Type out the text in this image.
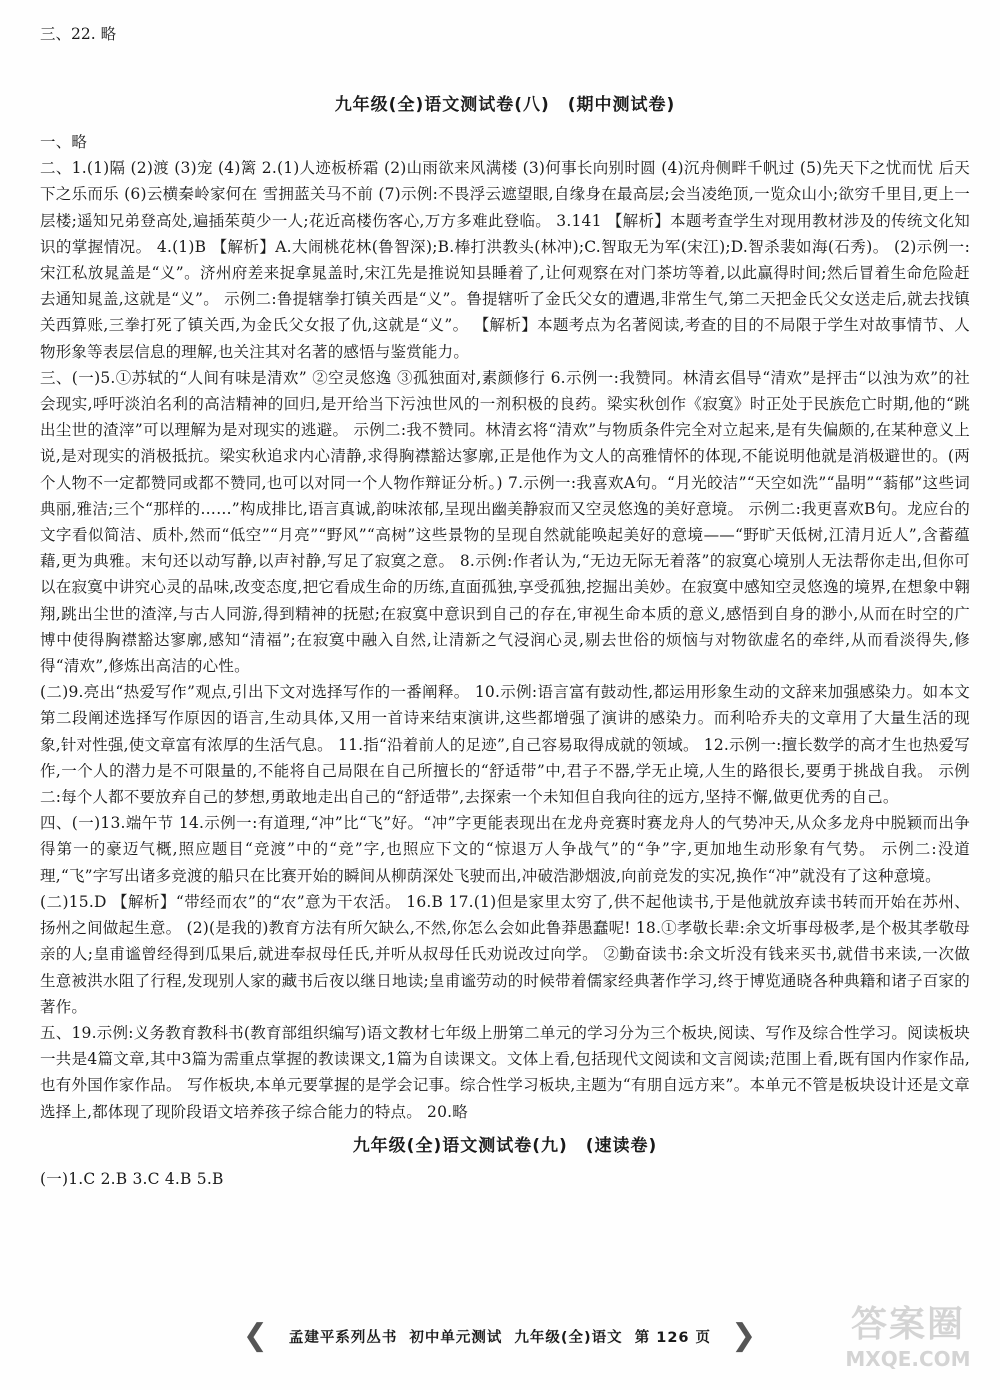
三、22. 略
九年级(全)语文测试卷(八) (期中测试卷)

一、略

二、1.(1)隔 (2)渡 (3)宠 (4)篱 2.(1)人迹板桥霜 (2)山雨欲来风满楼 (3)何事长向别时圆 (4)沉舟侧畔千帆过 (5)先天下之忧而忧 后天下之乐而乐 (6)云横秦岭家何在 雪拥蓝关马不前 (7)示例:不畏浮云遮望眼,自缘身在最高层;会当凌绝顶,一览众山小;欲穷千里目,更上一层楼;遥知兄弟登高处,遍插茱萸少一人;花近高楼伤客心,万方多难此登临。 3.141 【解析】本题考查学生对现用教材涉及的传统文化知识的掌握情况。 4.(1)B 【解析】A.大闹桃花林(鲁智深);B.棒打洪教头(林冲);C.智取无为军(宋江);D.智杀裴如海(石秀)。 (2)示例一:宋江私放晁盖是“义”。济州府差来捉拿晁盖时,宋江先是推说知县睡着了,让何观察在对门茶坊等着,以此赢得时间;然后冒着生命危险赶去通知晁盖,这就是“义”。 示例二:鲁提辖拳打镇关西是“义”。鲁提辖听了金氏父女的遭遇,非常生气,第二天把金氏父女送走后,就去找镇关西算账,三拳打死了镇关西,为金氏父女报了仇,这就是“义”。 【解析】本题考点为名著阅读,考查的目的不局限于学生对故事情节、人物形象等表层信息的理解,也关注其对名著的感悟与鉴赏能力。

三、(一)5.①苏轼的“人间有味是清欢” ②空灵悠逸 ③孤独面对,素颜修行 6.示例一:我赞同。林清玄倡导“清欢”是抨击“以浊为欢”的社会现实,呼吁淡泊名利的高洁精神的回归,是开给当下污浊世风的一剂积极的良药。梁实秋创作《寂寞》时正处于民族危亡时期,他的“跳出尘世的渣滓”可以理解为是对现实的逃避。 示例二:我不赞同。林清玄将“清欢”与物质条件完全对立起来,是有失偏颇的,在某种意义上说,是对现实的消极抵抗。梁实秋追求内心清静,求得胸襟豁达寥廓,正是他作为文人的高雅情怀的体现,不能说明他就是消极避世的。(两个人物不一定都赞同或都不赞同,也可以对同一个人物作辩证分析。) 7.示例一:我喜欢A句。“月光皎洁”“天空如洗”“晶明”“蓊郁”这些词典丽,雅洁;三个“那样的……”构成排比,语言真诚,韵味浓郁,呈现出幽美静寂而又空灵悠逸的美好意境。 示例二:我更喜欢B句。龙应台的文字看似简洁、质朴,然而“低空”“月亮”“野风”“高树”这些景物的呈现自然就能唤起美好的意境——“野旷天低树,江清月近人”,含蓄蕴藉,更为典雅。末句还以动写静,以声衬静,写足了寂寞之意。 8.示例:作者认为,“无边无际无着落”的寂寞心境别人无法帮你走出,但你可以在寂寞中讲究心灵的品味,改变态度,把它看成生命的历练,直面孤独,享受孤独,挖掘出美妙。在寂寞中感知空灵悠逸的境界,在想象中翱翔,跳出尘世的渣滓,与古人同游,得到精神的抚慰;在寂寞中意识到自己的存在,审视生命本质的意义,感悟到自身的渺小,从而在时空的广博中使得胸襟豁达寥廓,感知“清福”;在寂寞中融入自然,让清新之气浸润心灵,剔去世俗的烦恼与对物欲虚名的牵绊,从而看淡得失,修得“清欢”,修炼出高洁的心性。

(二)9.亮出“热爱写作”观点,引出下文对选择写作的一番阐释。 10.示例:语言富有鼓动性,都运用形象生动的文辞来加强感染力。如本文第二段阐述选择写作原因的语言,生动具体,又用一首诗来结束演讲,这些都增强了演讲的感染力。而利哈乔夫的文章用了大量生活的现象,针对性强,使文章富有浓厚的生活气息。 11.指“沿着前人的足迹”,自己容易取得成就的领域。 12.示例一:擅长数学的高才生也热爱写作,一个人的潜力是不可限量的,不能将自己局限在自己所擅长的“舒适带”中,君子不器,学无止境,人生的路很长,要勇于挑战自我。 示例二:每个人都不要放弃自己的梦想,勇敢地走出自己的“舒适带”,去探索一个未知但自我向往的远方,坚持不懈,做更优秀的自己。

四、(一)13.端午节 14.示例一:有道理,“冲”比“飞”好。“冲”字更能表现出在龙舟竞赛时赛龙舟人的气势冲天,从众多龙舟中脱颖而出争得第一的豪迈气概,照应题目“竞渡”中的“竞”字,也照应下文的“惊退万人争战气”的“争”字,更加地生动形象有气势。 示例二:没道理,“飞”字写出诸多竞渡的船只在比赛开始的瞬间从柳荫深处飞驶而出,冲破浩渺烟波,向前竞发的实况,换作“冲”就没有了这种意境。

(二)15.D 【解析】“带经而农”的“农”意为干农活。 16.B 17.(1)但是家里太穷了,供不起他读书,于是他就放弃读书转而开始在苏州、扬州之间做起生意。 (2)(是我的)教育方法有所欠缺么,不然,你怎么会如此鲁莽愚蠢呢! 18.①孝敬长辈:余文圻事母极孝,是个极其孝敬母亲的人;皇甫谧曾经得到瓜果后,就进奉叔母任氏,并听从叔母任氏劝说改过向学。 ②勤奋读书:余文圻没有钱来买书,就借书来读,一次做生意被洪水阻了行程,发现别人家的藏书后夜以继日地读;皇甫谧劳动的时候带着儒家经典著作学习,终于博览通晓各种典籍和诸子百家的著作。

五、19.示例:义务教育教科书(教育部组织编写)语文教材七年级上册第二单元的学习分为三个板块,阅读、写作及综合性学习。阅读板块一共是4篇文章,其中3篇为需重点掌握的教读课文,1篇为自读课文。文体上看,包括现代文阅读和文言阅读;范围上看,既有国内作家作品,也有外国作家作品。 写作板块,本单元要掌握的是学会记事。综合性学习板块,主题为“有朋自远方来”。本单元不管是板块设计还是文章选择上,都体现了现阶段语文培养孩子综合能力的特点。 20.略

九年级(全)语文测试卷(九) (速读卷)

(一)1.C 2.B 3.C 4.B 5.B

❮ 孟建平系列丛书 初中单元测试 九年级(全)语文 第 126 页 ❯	答案圈
MXQE.COM
